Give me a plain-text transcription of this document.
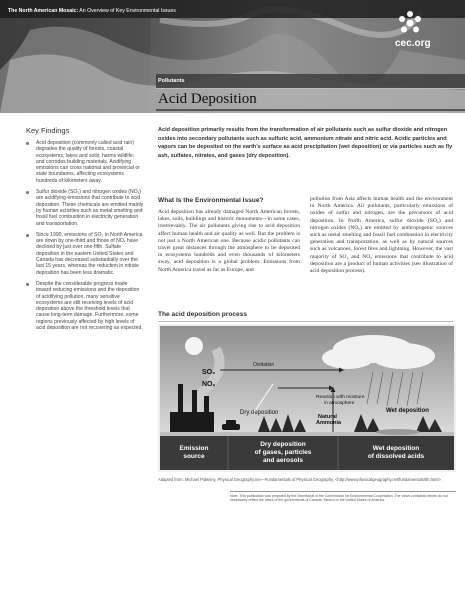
The North American Mosaic: An Overview of Key Environmental Issues
cec.org
Pollutants
Acid Deposition
Key Findings
Acid deposition (commonly called acid rain) degrades the quality of forests, coastal ecosystems, lakes and soils; harms wildlife; and corrodes building materials. Acidifying emissions can cross national and provincial or state boundaries, affecting ecosystems hundreds of kilometers away.
Sulfur dioxide (SO₂) and nitrogen oxides (NOₓ) are acidifying emissions that contribute to acid deposition. These chemicals are emitted mainly by human activities such as metal smelting and fossil fuel combustion in electricity generation and transportation.
Since 1990, emissions of SO₂ in North America are down by one-third and those of NOₓ have declined by just over one-fifth. Sulfate deposition in the eastern United States and Canada has decreased substantially over the last 15 years, whereas the reduction in nitrate deposition has been less dramatic.
Despite the considerable progress made toward reducing emissions and the deposition of acidifying pollution, many sensitive ecosystems are still receiving levels of acid deposition above the threshold levels that cause long-term damage. Furthermore, some regions previously affected by high levels of acid deposition are not recovering as expected.
Acid deposition primarily results from the transformation of air pollutants such as sulfur dioxide and nitrogen oxides into secondary pollutants such as sulfuric acid, ammonium nitrate and nitric acid. Acidic particles and vapors can be deposited on the earth's surface as acid precipitation (wet deposition) or via particles such as fly ash, sulfates, nitrates, and gases (dry deposition).
What Is the Environmental Issue?
Acid deposition has already damaged North American forests, lakes, soils, buildings and historic monuments—in some cases, irretrievably. The air pollutants giving rise to acid deposition affect human health and air quality as well. But the problem is not just a North American one. Because acidic pollutants can travel great distances through the atmosphere to be deposited in ecosystems hundreds and even thousands of kilometers away, acid deposition is a global problem. Emissions from North America travel as far as Europe, and
pollution from Asia affects human health and the environment in North America. Air pollutants, particularly emissions of oxides of sulfur and nitrogen, are the precursors of acid deposition. In North America, sulfur dioxide (SO₂) and nitrogen oxides (NOₓ) are emitted by anthropogenic sources such as metal smelting and fossil fuel combustion in electricity generation and transportation, as well as by natural sources such as volcanoes, forest fires and lightning. However, the vast majority of SO₂ and NOₓ emissions that contribute to acid deposition are a product of human activities (see illustration of acid deposition process).
The acid deposition process
SO₂
NOₓ
Oxidation
Reaction with moisture
in atmosphere
Dry deposition
Natural
Ammonia
Wet deposition
Emission
source
Dry deposition
of gases, particles
and aerosols
Wet deposition
of dissolved acids
Adapted from: Michael Pidwirny, Physical Geography.net—Fundamentals of Physical Geography, <http://www.physicalgeography.net/fundamentals/8h.html>.
Note: This publication was prepared by the Secretariat of the Commission for Environmental Cooperation. The views contained herein do not necessarily reflect the views of the governments of Canada, Mexico or the United States of America.
